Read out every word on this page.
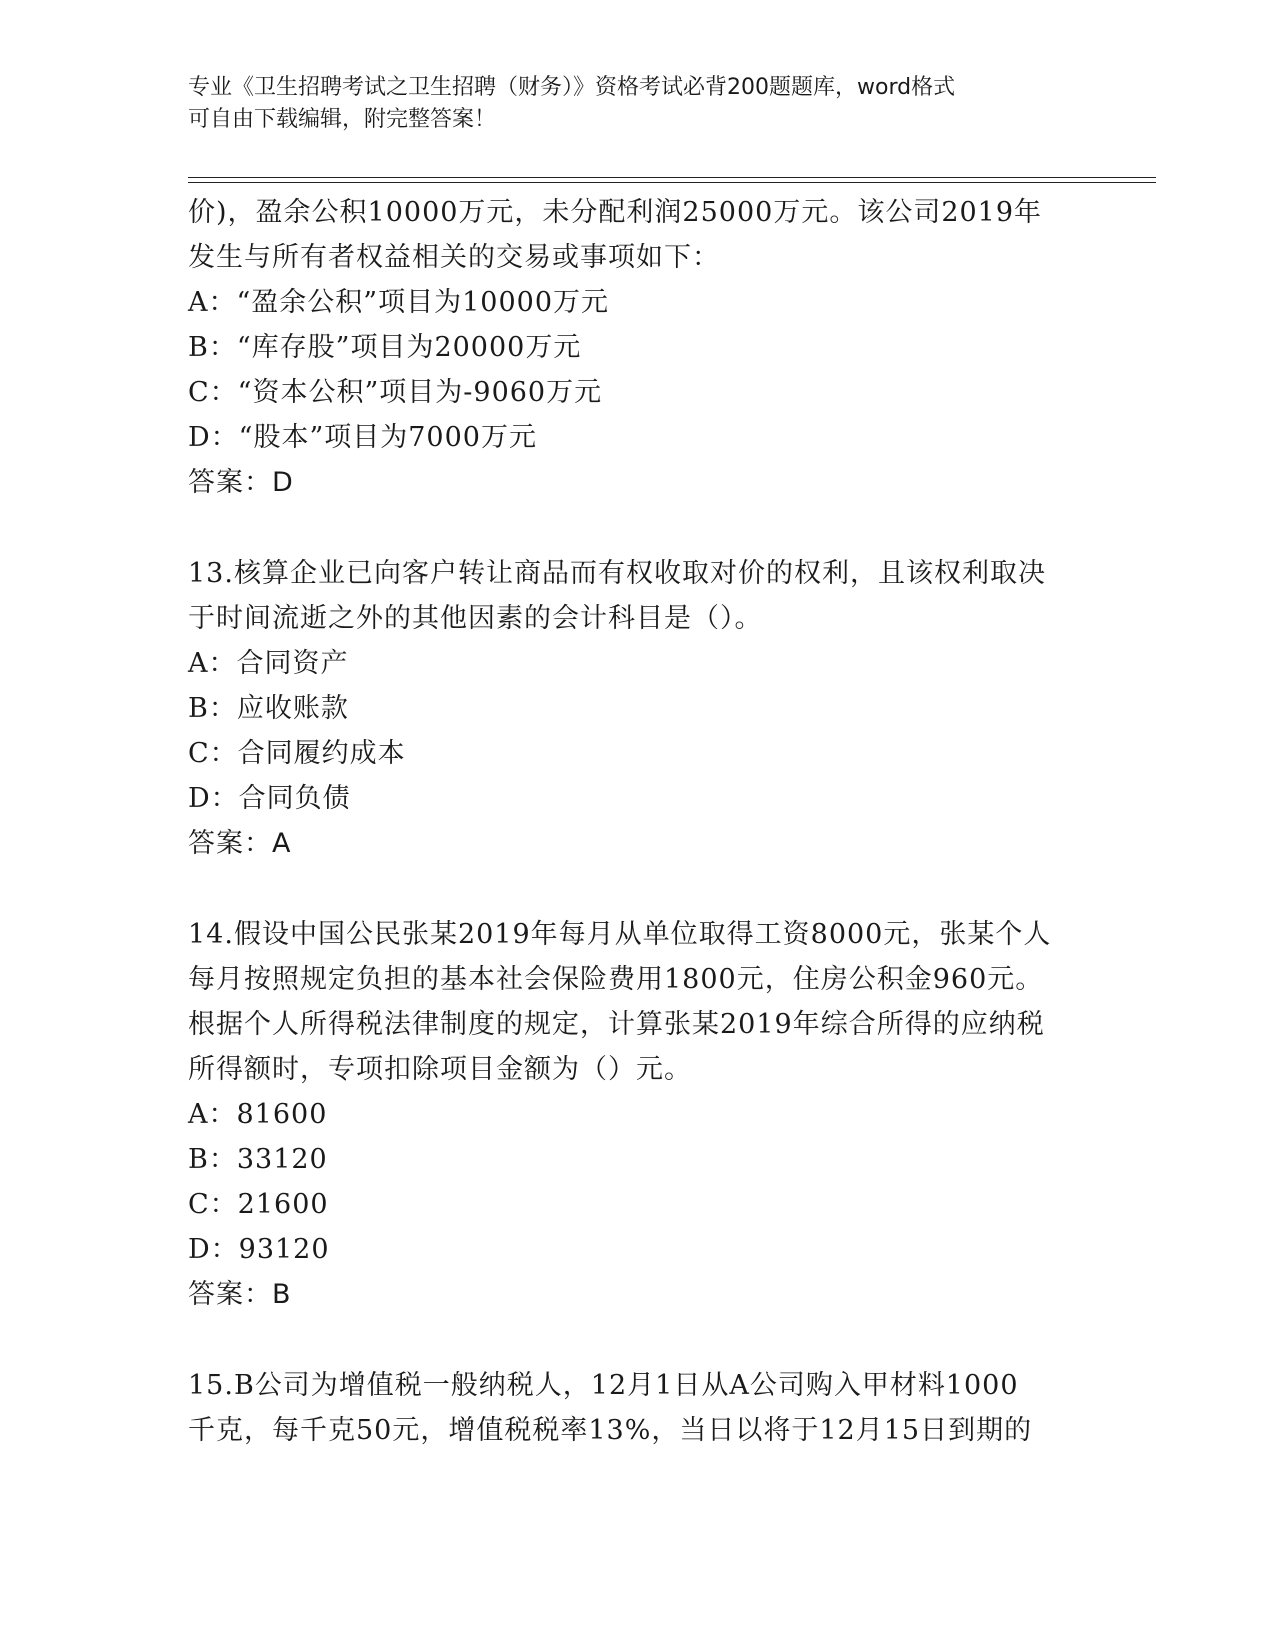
专业《卫生招聘考试之卫生招聘（财务）》资格考试必背200题题库，word格式
可自由下载编辑，附完整答案！
价)，盈余公积10000万元，未分配利润25000万元。该公司2019年
发生与所有者权益相关的交易或事项如下：
A：“盈余公积”项目为10000万元
B：“库存股”项目为20000万元
C：“资本公积”项目为-9060万元
D：“股本”项目为7000万元
答案：D
13.核算企业已向客户转让商品而有权收取对价的权利，且该权利取决
于时间流逝之外的其他因素的会计科目是（）。
A：合同资产
B：应收账款
C：合同履约成本
D：合同负债
答案：A
14.假设中国公民张某2019年每月从单位取得工资8000元，张某个人
每月按照规定负担的基本社会保险费用1800元，住房公积金960元。
根据个人所得税法律制度的规定，计算张某2019年综合所得的应纳税
所得额时，专项扣除项目金额为（）元。
A：81600
B：33120
C：21600
D：93120
答案：B
15.B公司为增值税一般纳税人，12月1日从A公司购入甲材料1000
千克，每千克50元，增值税税率13%，当日以将于12月15日到期的
